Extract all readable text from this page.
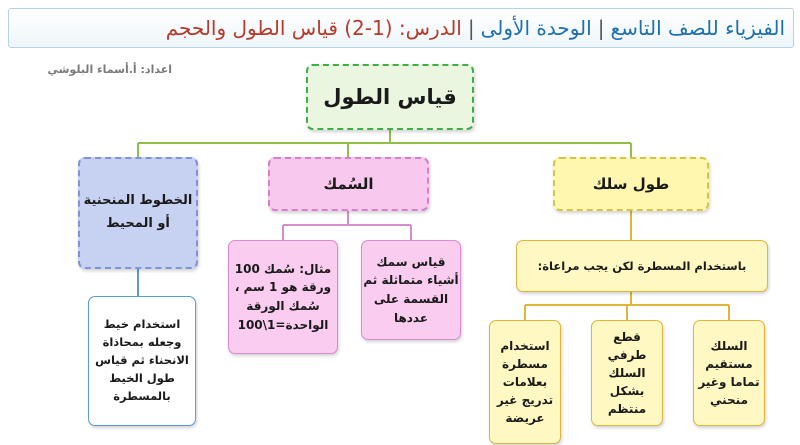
الفيزياء للصف التاسع|الوحدة الأولى|الدرس: (1-2) قياس الطول والحجم
اعداد: أ.أسماء البلوشي
قياس الطول
الخطوط المنحنية أو المحيط
السُمك	طول سلك
قياس سمك أشياء متماثلة ثم القسمة على عددها
مثال: سُمك 100 ورقة هو 1 سم ، سُمك الورقة الواحدة=1\100
باستخدام المسطرة لكن يجب مراعاة:
السلك مستقيم تماما وغير منحني
قطع طرفي السلك بشكل منتظم
استخدام مسطرة بعلامات تدريج غير عريضة
استخدام خيط وجعله بمحاذاة الانحناء ثم قياس طول الخيط بالمسطرة
